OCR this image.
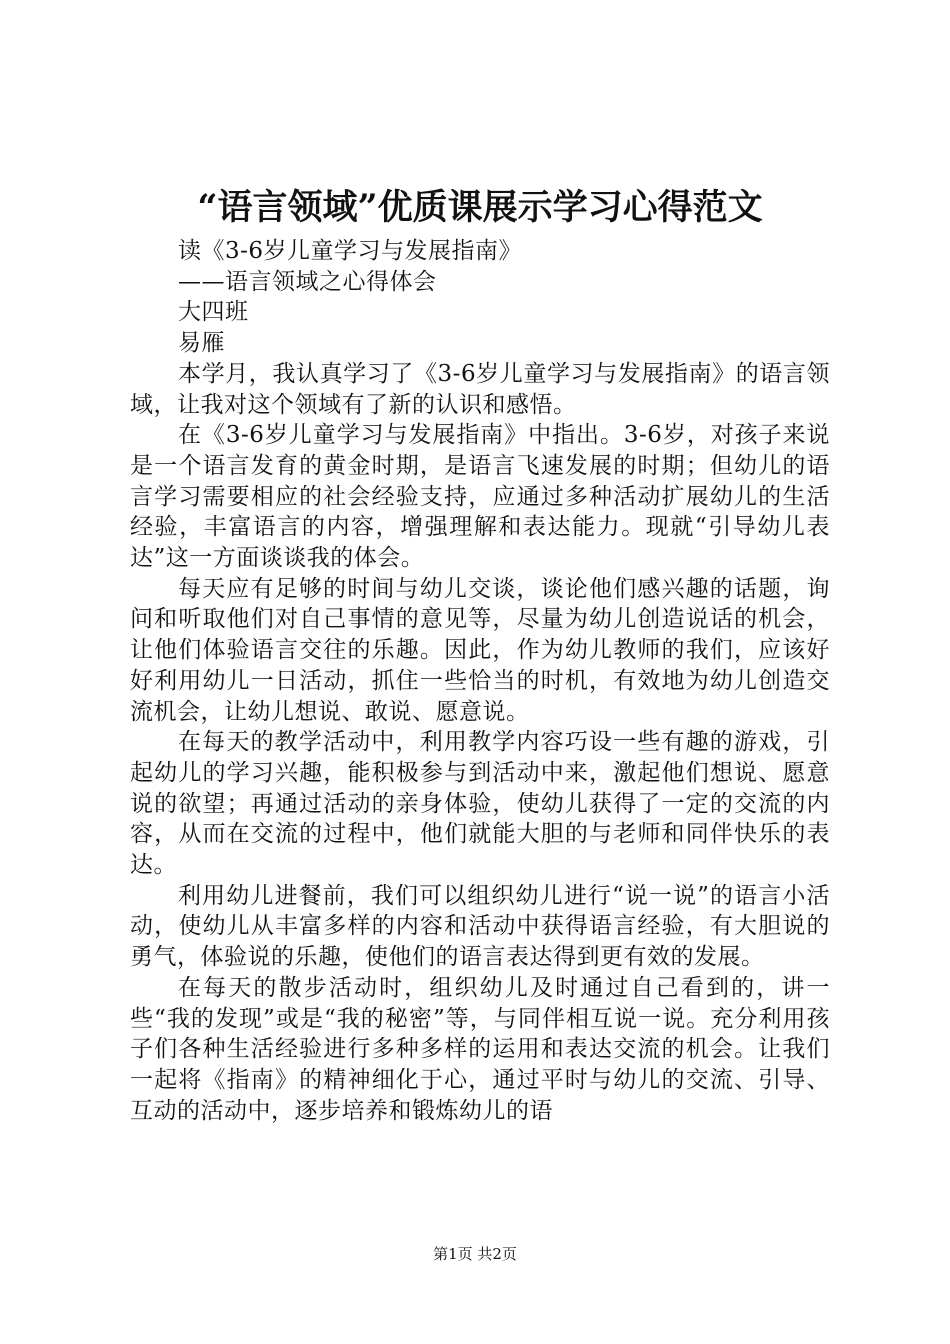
“语言领域”优质课展示学习心得范文
读《3-6岁儿童学习与发展指南》
——语言领域之心得体会
大四班
易雁

本学月，我认真学习了《3-6岁儿童学习与发展指南》的语言领域，让我对这个领域有了新的认识和感悟。

在《3-6岁儿童学习与发展指南》中指出。3-6岁，对孩子来说是一个语言发育的黄金时期，是语言飞速发展的时期；但幼儿的语言学习需要相应的社会经验支持，应通过多种活动扩展幼儿的生活经验，丰富语言的内容，增强理解和表达能力。现就“引导幼儿表达”这一方面谈谈我的体会。

每天应有足够的时间与幼儿交谈，谈论他们感兴趣的话题，询问和听取他们对自己事情的意见等，尽量为幼儿创造说话的机会，让他们体验语言交往的乐趣。因此，作为幼儿教师的我们，应该好好利用幼儿一日活动，抓住一些恰当的时机，有效地为幼儿创造交流机会，让幼儿想说、敢说、愿意说。

在每天的教学活动中，利用教学内容巧设一些有趣的游戏，引起幼儿的学习兴趣，能积极参与到活动中来，激起他们想说、愿意说的欲望；再通过活动的亲身体验，使幼儿获得了一定的交流的内容，从而在交流的过程中，他们就能大胆的与老师和同伴快乐的表达。

利用幼儿进餐前，我们可以组织幼儿进行“说一说”的语言小活动，使幼儿从丰富多样的内容和活动中获得语言经验，有大胆说的勇气，体验说的乐趣，使他们的语言表达得到更有效的发展。

在每天的散步活动时，组织幼儿及时通过自己看到的，讲一些“我的发现”或是“我的秘密”等，与同伴相互说一说。充分利用孩子们各种生活经验进行多种多样的运用和表达交流的机会。让我们一起将《指南》的精神细化于心，通过平时与幼儿的交流、引导、互动的活动中，逐步培养和锻炼幼儿的语

第1页 共2页
